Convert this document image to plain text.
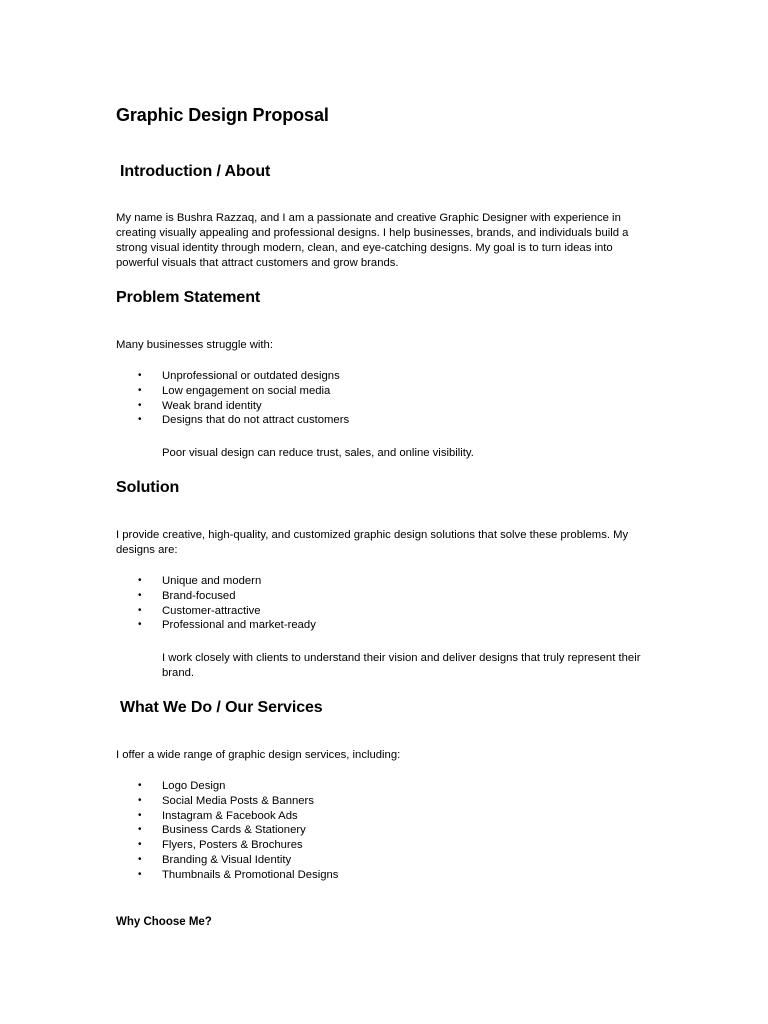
Graphic Design Proposal
Introduction / About

My name is Bushra Razzaq, and I am a passionate and creative Graphic Designer with experience in creating visually appealing and professional designs. I help businesses, brands, and individuals build a strong visual identity through modern, clean, and eye-catching designs. My goal is to turn ideas into powerful visuals that attract customers and grow brands.

Problem Statement

Many businesses struggle with:

• Unprofessional or outdated designs
• Low engagement on social media
• Weak brand identity
• Designs that do not attract customers

Poor visual design can reduce trust, sales, and online visibility.

Solution

I provide creative, high-quality, and customized graphic design solutions that solve these problems. My designs are:

• Unique and modern
• Brand-focused
• Customer-attractive
• Professional and market-ready

I work closely with clients to understand their vision and deliver designs that truly represent their brand.

What We Do / Our Services

I offer a wide range of graphic design services, including:

• Logo Design
• Social Media Posts & Banners
• Instagram & Facebook Ads
• Business Cards & Stationery
• Flyers, Posters & Brochures
• Branding & Visual Identity
• Thumbnails & Promotional Designs
Why Choose Me?
